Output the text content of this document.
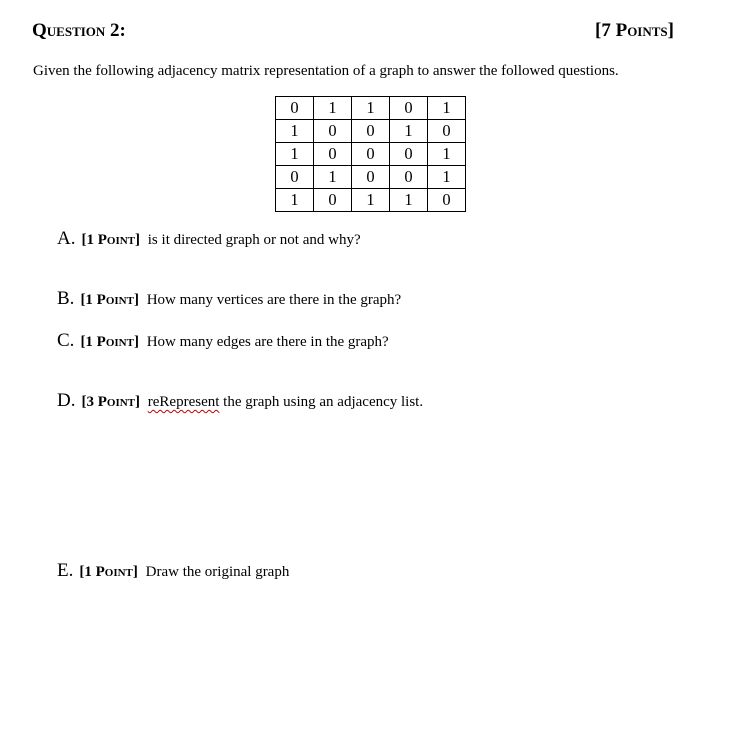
Question 2:	[7 Points]
Given the following adjacency matrix representation of a graph to answer the followed questions.
0	1	1	0	1
1	0	0	1	0
1	0	0	0	1
0	1	0	0	1
1	0	1	1	0
A. [1 Point] is it directed graph or not and why?
B. [1 Point] How many vertices are there in the graph?
C. [1 Point] How many edges are there in the graph?
D. [3 Point] reRepresent the graph using an adjacency list.
E. [1 Point] Draw the original graph
